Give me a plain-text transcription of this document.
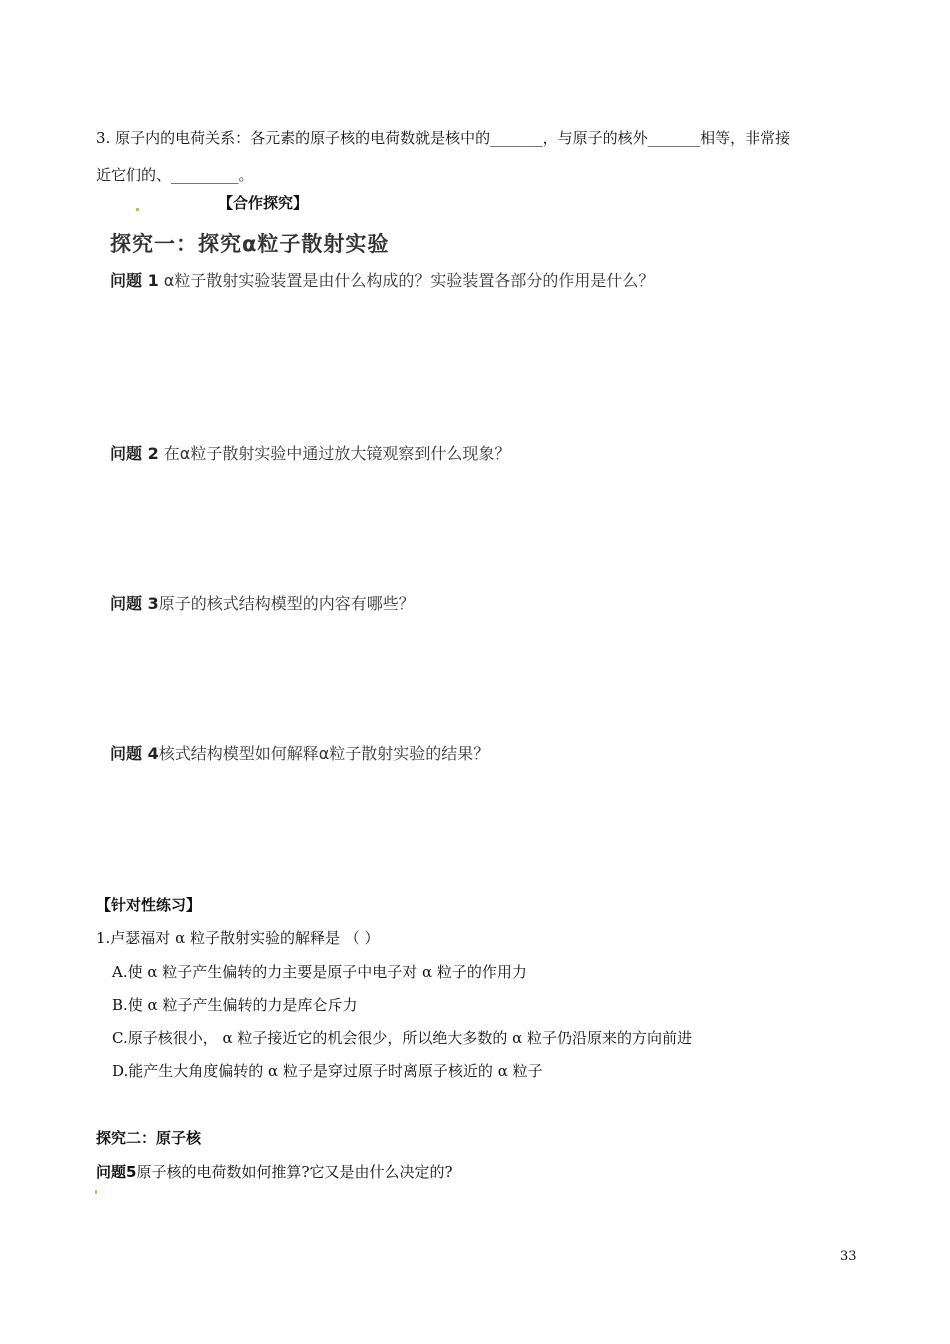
3. 原子内的电荷关系：各元素的原子核的电荷数就是核中的_______，与原子的核外_______相等，非常接
近它们的、_________。
【合作探究】
探究一：探究α粒子散射实验
问题 1 α粒子散射实验装置是由什么构成的？实验装置各部分的作用是什么？
问题 2 在α粒子散射实验中通过放大镜观察到什么现象？
问题 3原子的核式结构模型的内容有哪些？
问题 4核式结构模型如何解释α粒子散射实验的结果？
【针对性练习】
1.卢瑟福对 α 粒子散射实验的解释是 （ ）
A.使 α 粒子产生偏转的力主要是原子中电子对 α 粒子的作用力
B.使 α 粒子产生偏转的力是库仑斥力
C.原子核很小， α 粒子接近它的机会很少，所以绝大多数的 α 粒子仍沿原来的方向前进
D.能产生大角度偏转的 α 粒子是穿过原子时离原子核近的 α 粒子
探究二：原子核
问题5原子核的电荷数如何推算?它又是由什么决定的?
33
